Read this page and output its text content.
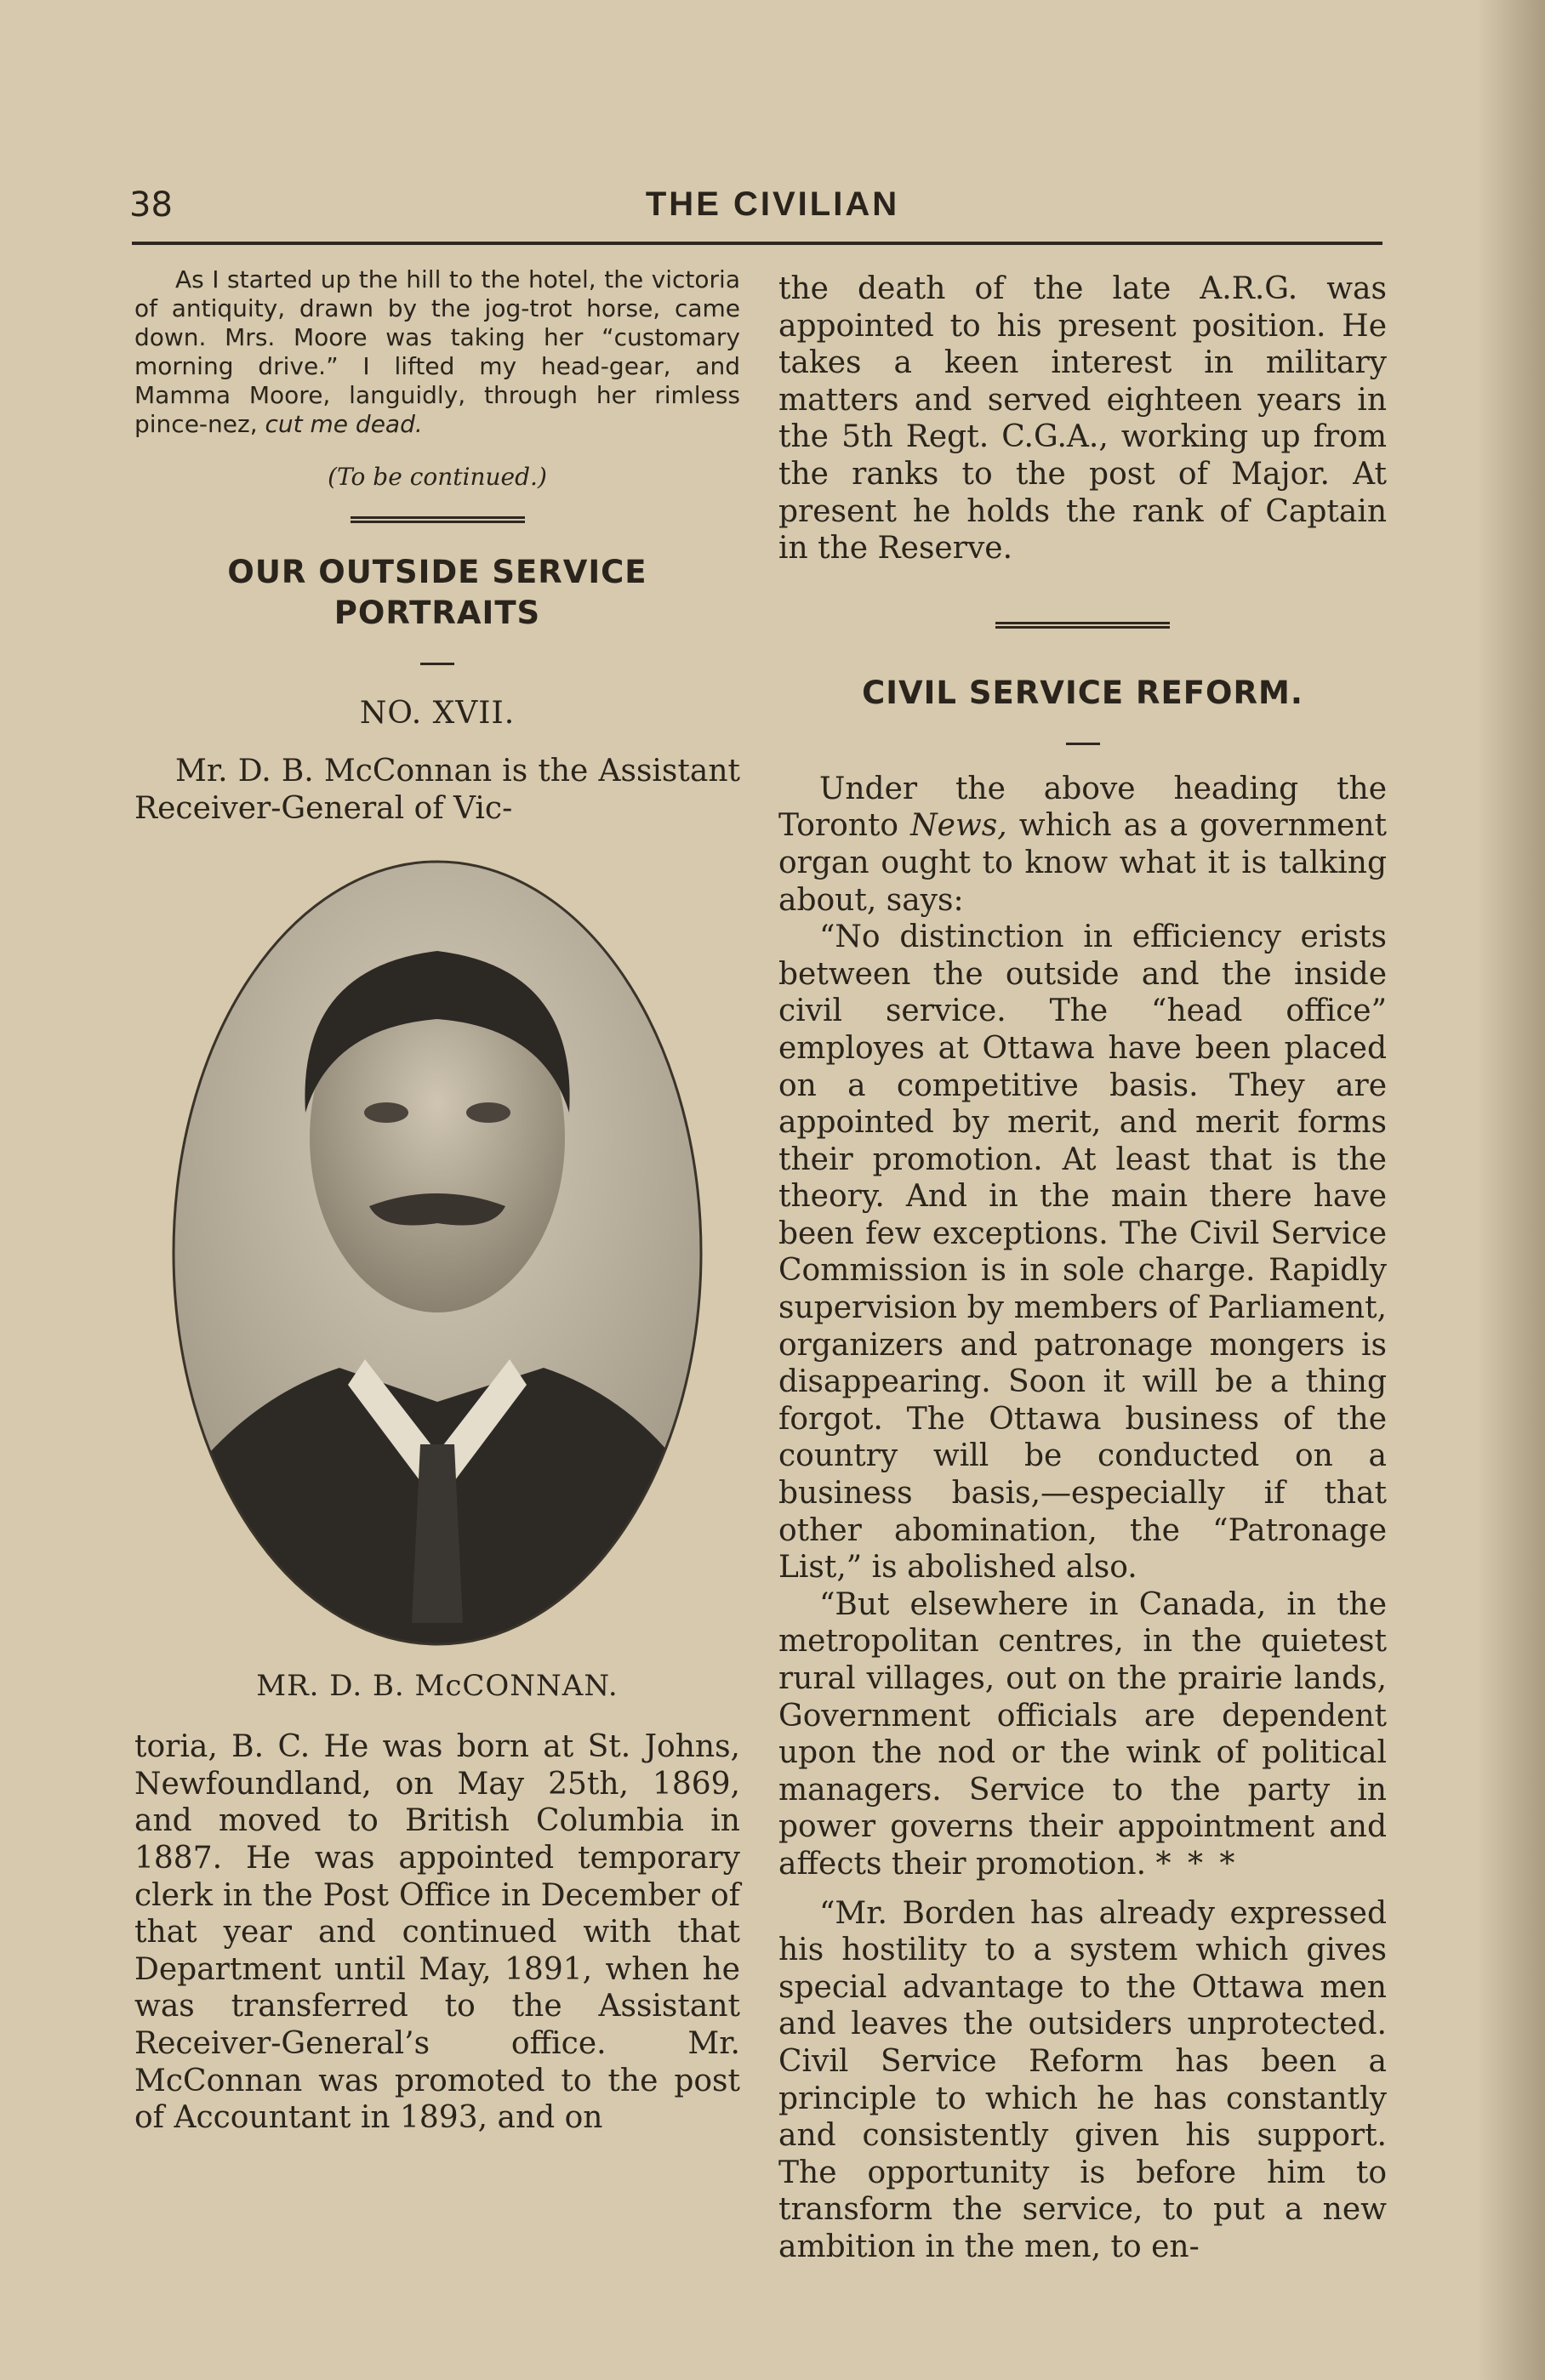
38	THE CIVILIAN

As I started up the hill to the hotel, the victoria of antiquity, drawn by the jog-trot horse, came down. Mrs. Moore was taking her “customary morning drive.” I lifted my head-gear, and Mamma Moore, languidly, through her rimless pince-nez, cut me dead.

(To be continued.)

OUR OUTSIDE SERVICE PORTRAITS

NO. XVII.

Mr. D. B. McConnan is the Assistant Receiver-General of Vic-

MR. D. B. McCONNAN.

toria, B. C. He was born at St. Johns, Newfoundland, on May 25th, 1869, and moved to British Columbia in 1887. He was appointed temporary clerk in the Post Office in December of that year and continued with that Department until May, 1891, when he was transferred to the Assistant Receiver-General’s office. Mr. McConnan was promoted to the post of Accountant in 1893, and on

the death of the late A.R.G. was appointed to his present position. He takes a keen interest in military matters and served eighteen years in the 5th Regt. C.G.A., working up from the ranks to the post of Major. At present he holds the rank of Captain in the Reserve.

CIVIL SERVICE REFORM.

Under the above heading the Toronto News, which as a government organ ought to know what it is talking about, says:

“No distinction in efficiency erists between the outside and the inside civil service. The “head office” employes at Ottawa have been placed on a competitive basis. They are appointed by merit, and merit forms their promotion. At least that is the theory. And in the main there have been few exceptions. The Civil Service Commission is in sole charge. Rapidly supervision by members of Parliament, organizers and patronage mongers is disappearing. Soon it will be a thing forgot. The Ottawa business of the country will be conducted on a business basis,—especially if that other abomination, the “Patronage List,” is abolished also.

“But elsewhere in Canada, in the metropolitan centres, in the quietest rural villages, out on the prairie lands, Government officials are dependent upon the nod or the wink of political managers. Service to the party in power governs their appointment and affects their promotion. * * *

“Mr. Borden has already expressed his hostility to a system which gives special advantage to the Ottawa men and leaves the outsiders unprotected. Civil Service Reform has been a principle to which he has constantly and consistently given his support. The opportunity is before him to transform the service, to put a new ambition in the men, to en-
